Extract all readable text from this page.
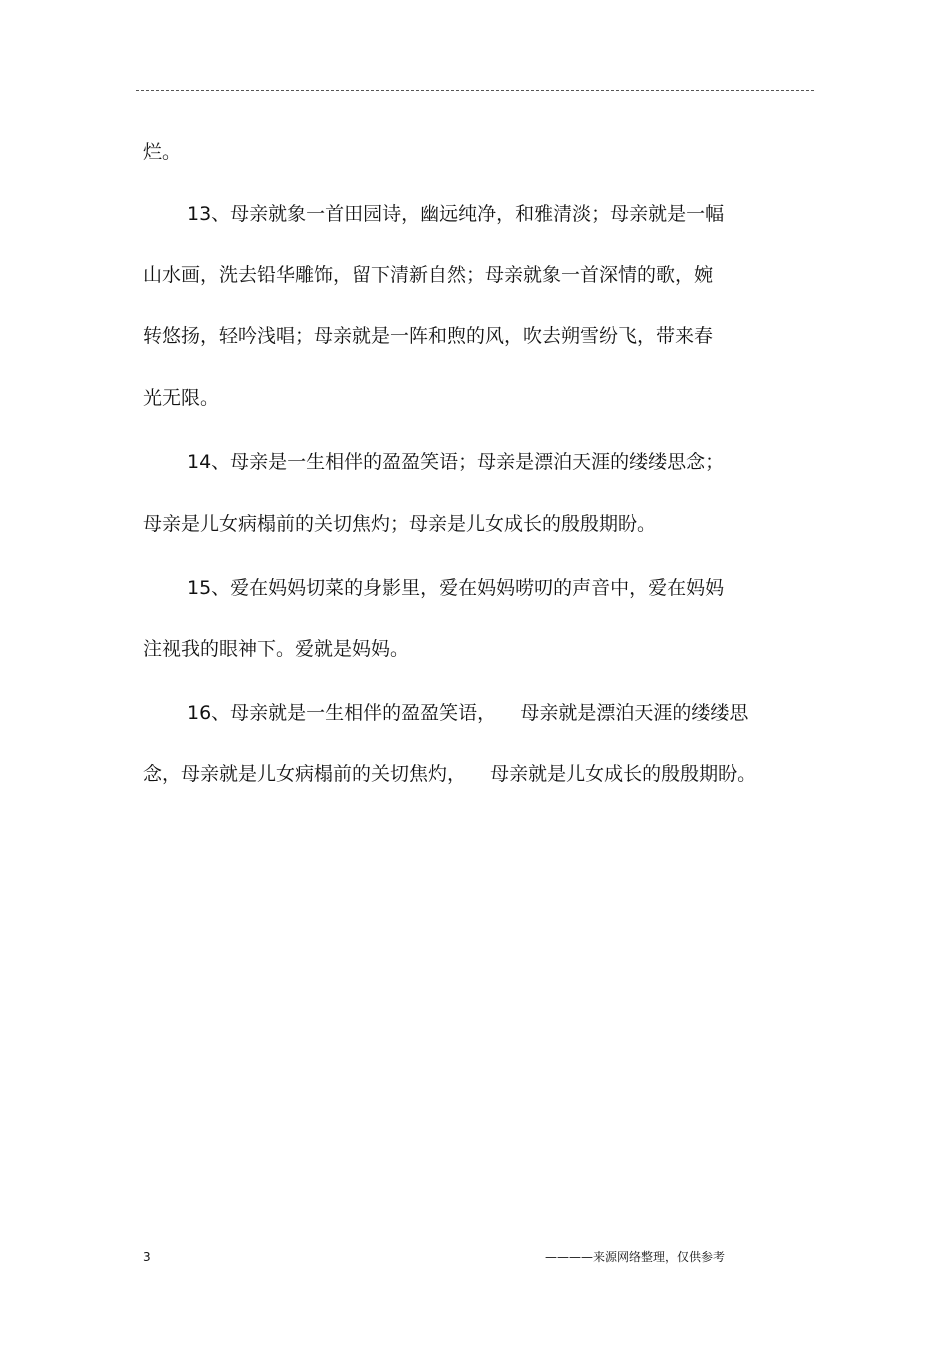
烂。

13、母亲就象一首田园诗，幽远纯净，和雅清淡；母亲就是一幅

山水画，洗去铅华雕饰，留下清新自然；母亲就象一首深情的歌，婉

转悠扬，轻吟浅唱；母亲就是一阵和煦的风，吹去朔雪纷飞，带来春

光无限。

14、母亲是一生相伴的盈盈笑语；母亲是漂泊天涯的缕缕思念；

母亲是儿女病榻前的关切焦灼；母亲是儿女成长的殷殷期盼。

15、爱在妈妈切菜的身影里，爱在妈妈唠叨的声音中，爱在妈妈

注视我的眼神下。爱就是妈妈。

16、母亲就是一生相伴的盈盈笑语，    母亲就是漂泊天涯的缕缕思

念，母亲就是儿女病榻前的关切焦灼，    母亲就是儿女成长的殷殷期盼。

3	————来源网络整理，仅供参考
